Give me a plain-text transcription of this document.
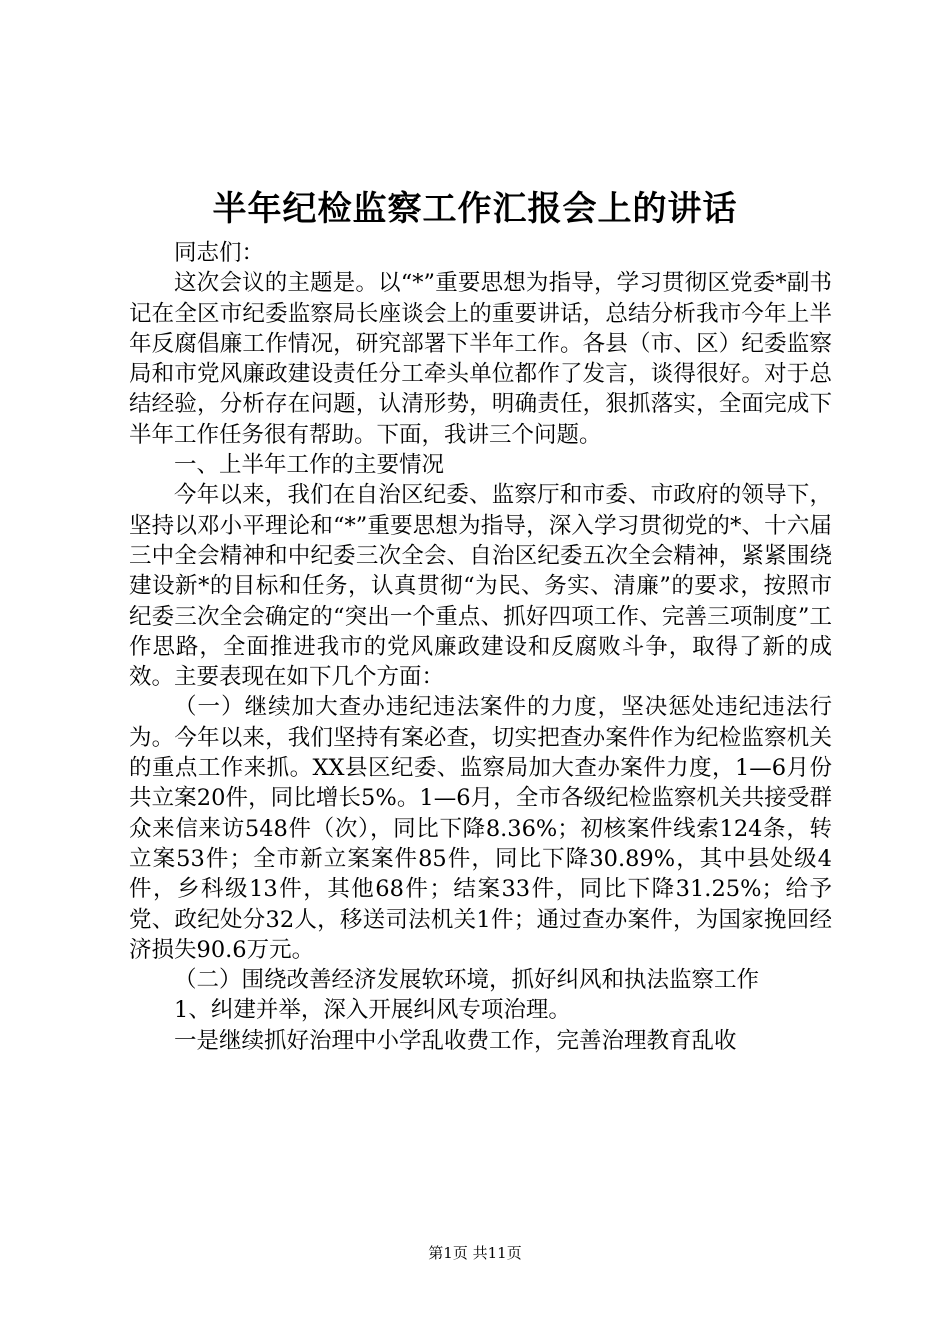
半年纪检监察工作汇报会上的讲话

同志们：

这次会议的主题是。以“*”重要思想为指导，学习贯彻区党委*副书记在全区市纪委监察局长座谈会上的重要讲话，总结分析我市今年上半年反腐倡廉工作情况，研究部署下半年工作。各县（市、区）纪委监察局和市党风廉政建设责任分工牵头单位都作了发言，谈得很好。对于总结经验，分析存在问题，认清形势，明确责任，狠抓落实，全面完成下半年工作任务很有帮助。下面，我讲三个问题。

一、上半年工作的主要情况

今年以来，我们在自治区纪委、监察厅和市委、市政府的领导下，坚持以邓小平理论和“*”重要思想为指导，深入学习贯彻党的*、十六届三中全会精神和中纪委三次全会、自治区纪委五次全会精神，紧紧围绕建设新*的目标和任务，认真贯彻“为民、务实、清廉”的要求，按照市纪委三次全会确定的“突出一个重点、抓好四项工作、完善三项制度”工作思路，全面推进我市的党风廉政建设和反腐败斗争，取得了新的成效。主要表现在如下几个方面：

（一）继续加大查办违纪违法案件的力度，坚决惩处违纪违法行为。今年以来，我们坚持有案必查，切实把查办案件作为纪检监察机关的重点工作来抓。XX县区纪委、监察局加大查办案件力度，1—6月份共立案20件，同比增长5%。1—6月，全市各级纪检监察机关共接受群众来信来访548件（次），同比下降8.36%；初核案件线索124条，转立案53件；全市新立案案件85件，同比下降30.89%，其中县处级4件，乡科级13件，其他68件；结案33件，同比下降31.25%；给予党、政纪处分32人，移送司法机关1件；通过查办案件，为国家挽回经济损失90.6万元。

（二）围绕改善经济发展软环境，抓好纠风和执法监察工作

1、纠建并举，深入开展纠风专项治理。

一是继续抓好治理中小学乱收费工作，完善治理教育乱收

第1页 共11页
